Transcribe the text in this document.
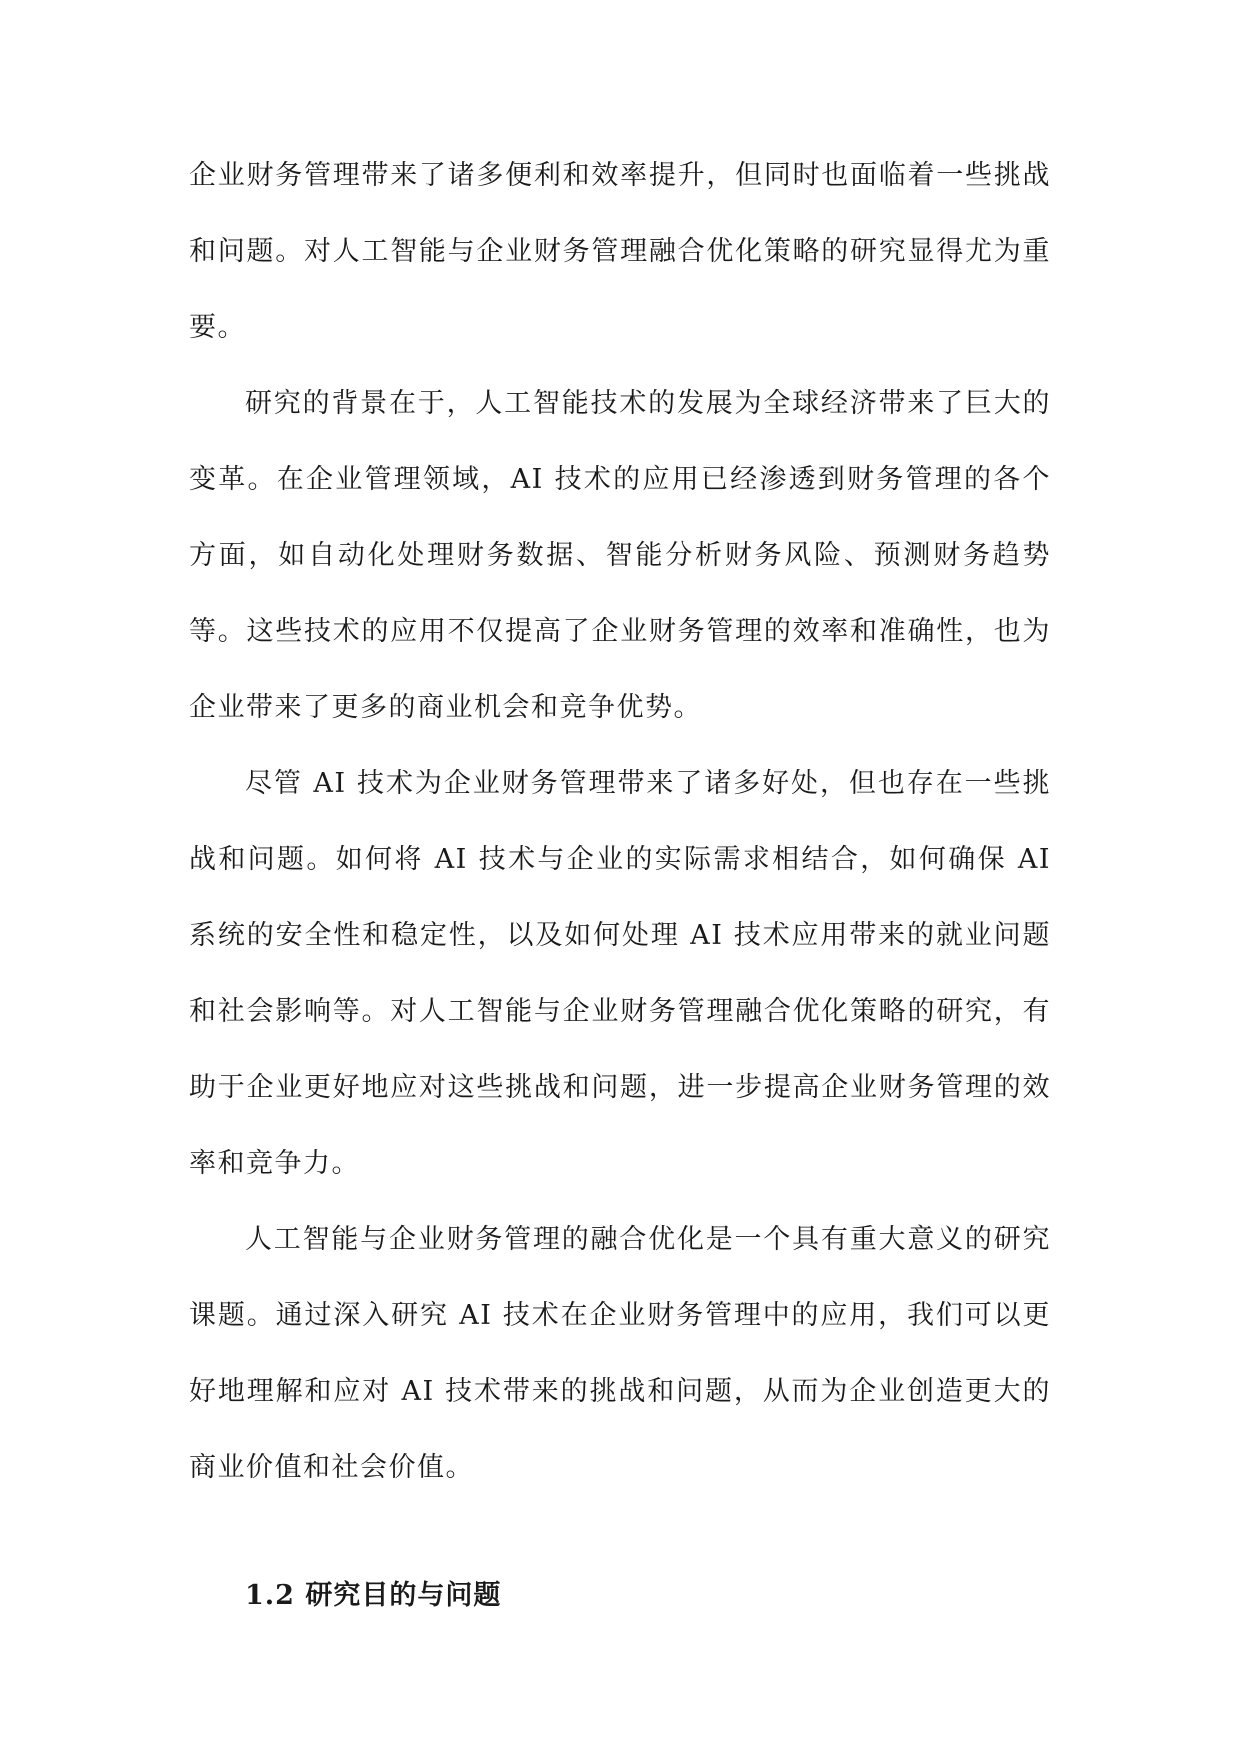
企业财务管理带来了诸多便利和效率提升，但同时也面临着一些挑战和问题。对人工智能与企业财务管理融合优化策略的研究显得尤为重要。

研究的背景在于，人工智能技术的发展为全球经济带来了巨大的变革。在企业管理领域，AI 技术的应用已经渗透到财务管理的各个方面，如自动化处理财务数据、智能分析财务风险、预测财务趋势等。这些技术的应用不仅提高了企业财务管理的效率和准确性，也为企业带来了更多的商业机会和竞争优势。

尽管 AI 技术为企业财务管理带来了诸多好处，但也存在一些挑战和问题。如何将 AI 技术与企业的实际需求相结合，如何确保 AI 系统的安全性和稳定性，以及如何处理 AI 技术应用带来的就业问题和社会影响等。对人工智能与企业财务管理融合优化策略的研究，有助于企业更好地应对这些挑战和问题，进一步提高企业财务管理的效率和竞争力。

人工智能与企业财务管理的融合优化是一个具有重大意义的研究课题。通过深入研究 AI 技术在企业财务管理中的应用，我们可以更好地理解和应对 AI 技术带来的挑战和问题，从而为企业创造更大的商业价值和社会价值。

1.2 研究目的与问题
